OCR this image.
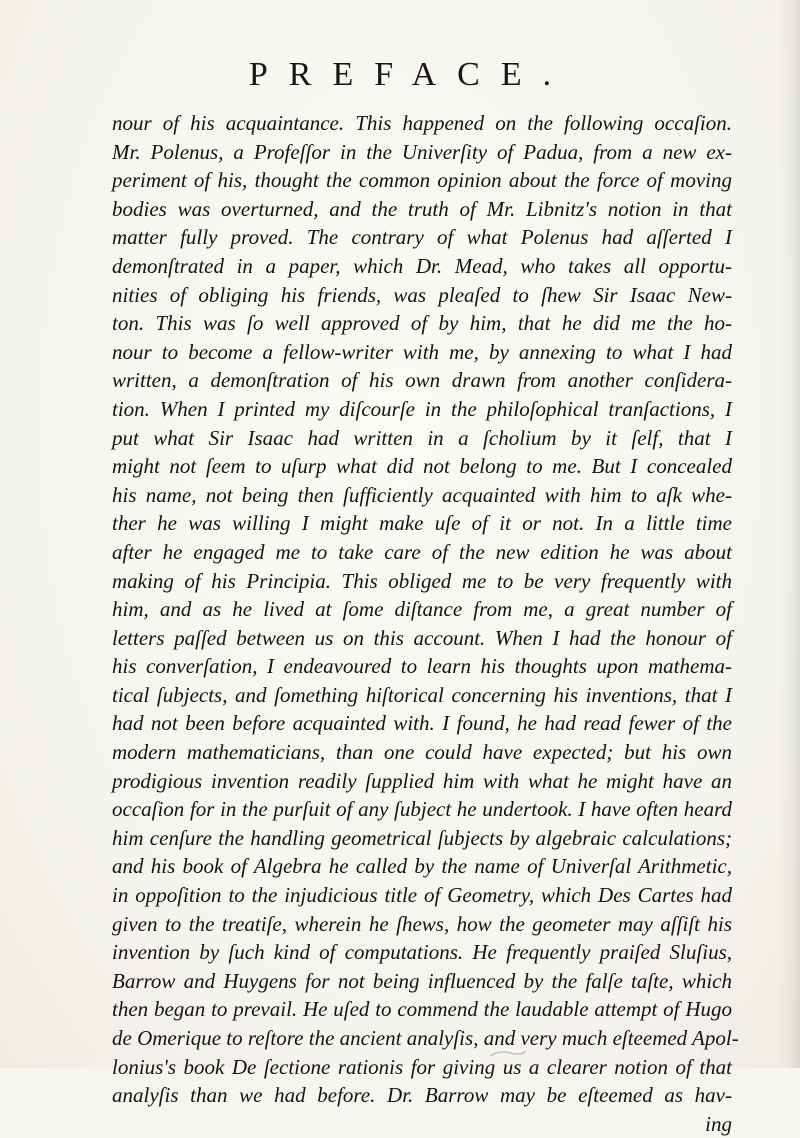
PREFACE.
nour of his acquaintance. This happened on the following occaſion.
Mr. Polenus, a Profeſſor in the Univerſity of Padua, from a new ex-
periment of his, thought the common opinion about the force of moving
bodies was overturned, and the truth of Mr. Libnitz's notion in that
matter fully proved. The contrary of what Polenus had aſſerted I
demonſtrated in a paper, which Dr. Mead, who takes all opportu-
nities of obliging his friends, was pleaſed to ſhew Sir Isaac New-
ton. This was ſo well approved of by him, that he did me the ho-
nour to become a fellow-writer with me, by annexing to what I had
written, a demonſtration of his own drawn from another conſidera-
tion. When I printed my diſcourſe in the philoſophical tranſactions, I
put what Sir Isaac had written in a ſcholium by it ſelf, that I
might not ſeem to uſurp what did not belong to me. But I concealed
his name, not being then ſufficiently acquainted with him to aſk whe-
ther he was willing I might make uſe of it or not. In a little time
after he engaged me to take care of the new edition he was about
making of his Principia. This obliged me to be very frequently with
him, and as he lived at ſome diſtance from me, a great number of
letters paſſed between us on this account. When I had the honour of
his converſation, I endeavoured to learn his thoughts upon mathema-
tical ſubjects, and ſomething hiſtorical concerning his inventions, that I
had not been before acquainted with. I found, he had read fewer of the
modern mathematicians, than one could have expected; but his own
prodigious invention readily ſupplied him with what he might have an
occaſion for in the purſuit of any ſubject he undertook. I have often heard
him cenſure the handling geometrical ſubjects by algebraic calculations;
and his book of Algebra he called by the name of Univerſal Arithmetic,
in oppoſition to the injudicious title of Geometry, which Des Cartes had
given to the treatiſe, wherein he ſhews, how the geometer may aſſiſt his
invention by ſuch kind of computations. He frequently praiſed Sluſius,
Barrow and Huygens for not being influenced by the falſe taſte, which
then began to prevail. He uſed to commend the laudable attempt of Hugo
de Omerique to reſtore the ancient analyſis, and very much eſteemed Apol-
lonius's book De ſectione rationis for giving us a clearer notion of that
analyſis than we had before. Dr. Barrow may be eſteemed as hav-
ing
